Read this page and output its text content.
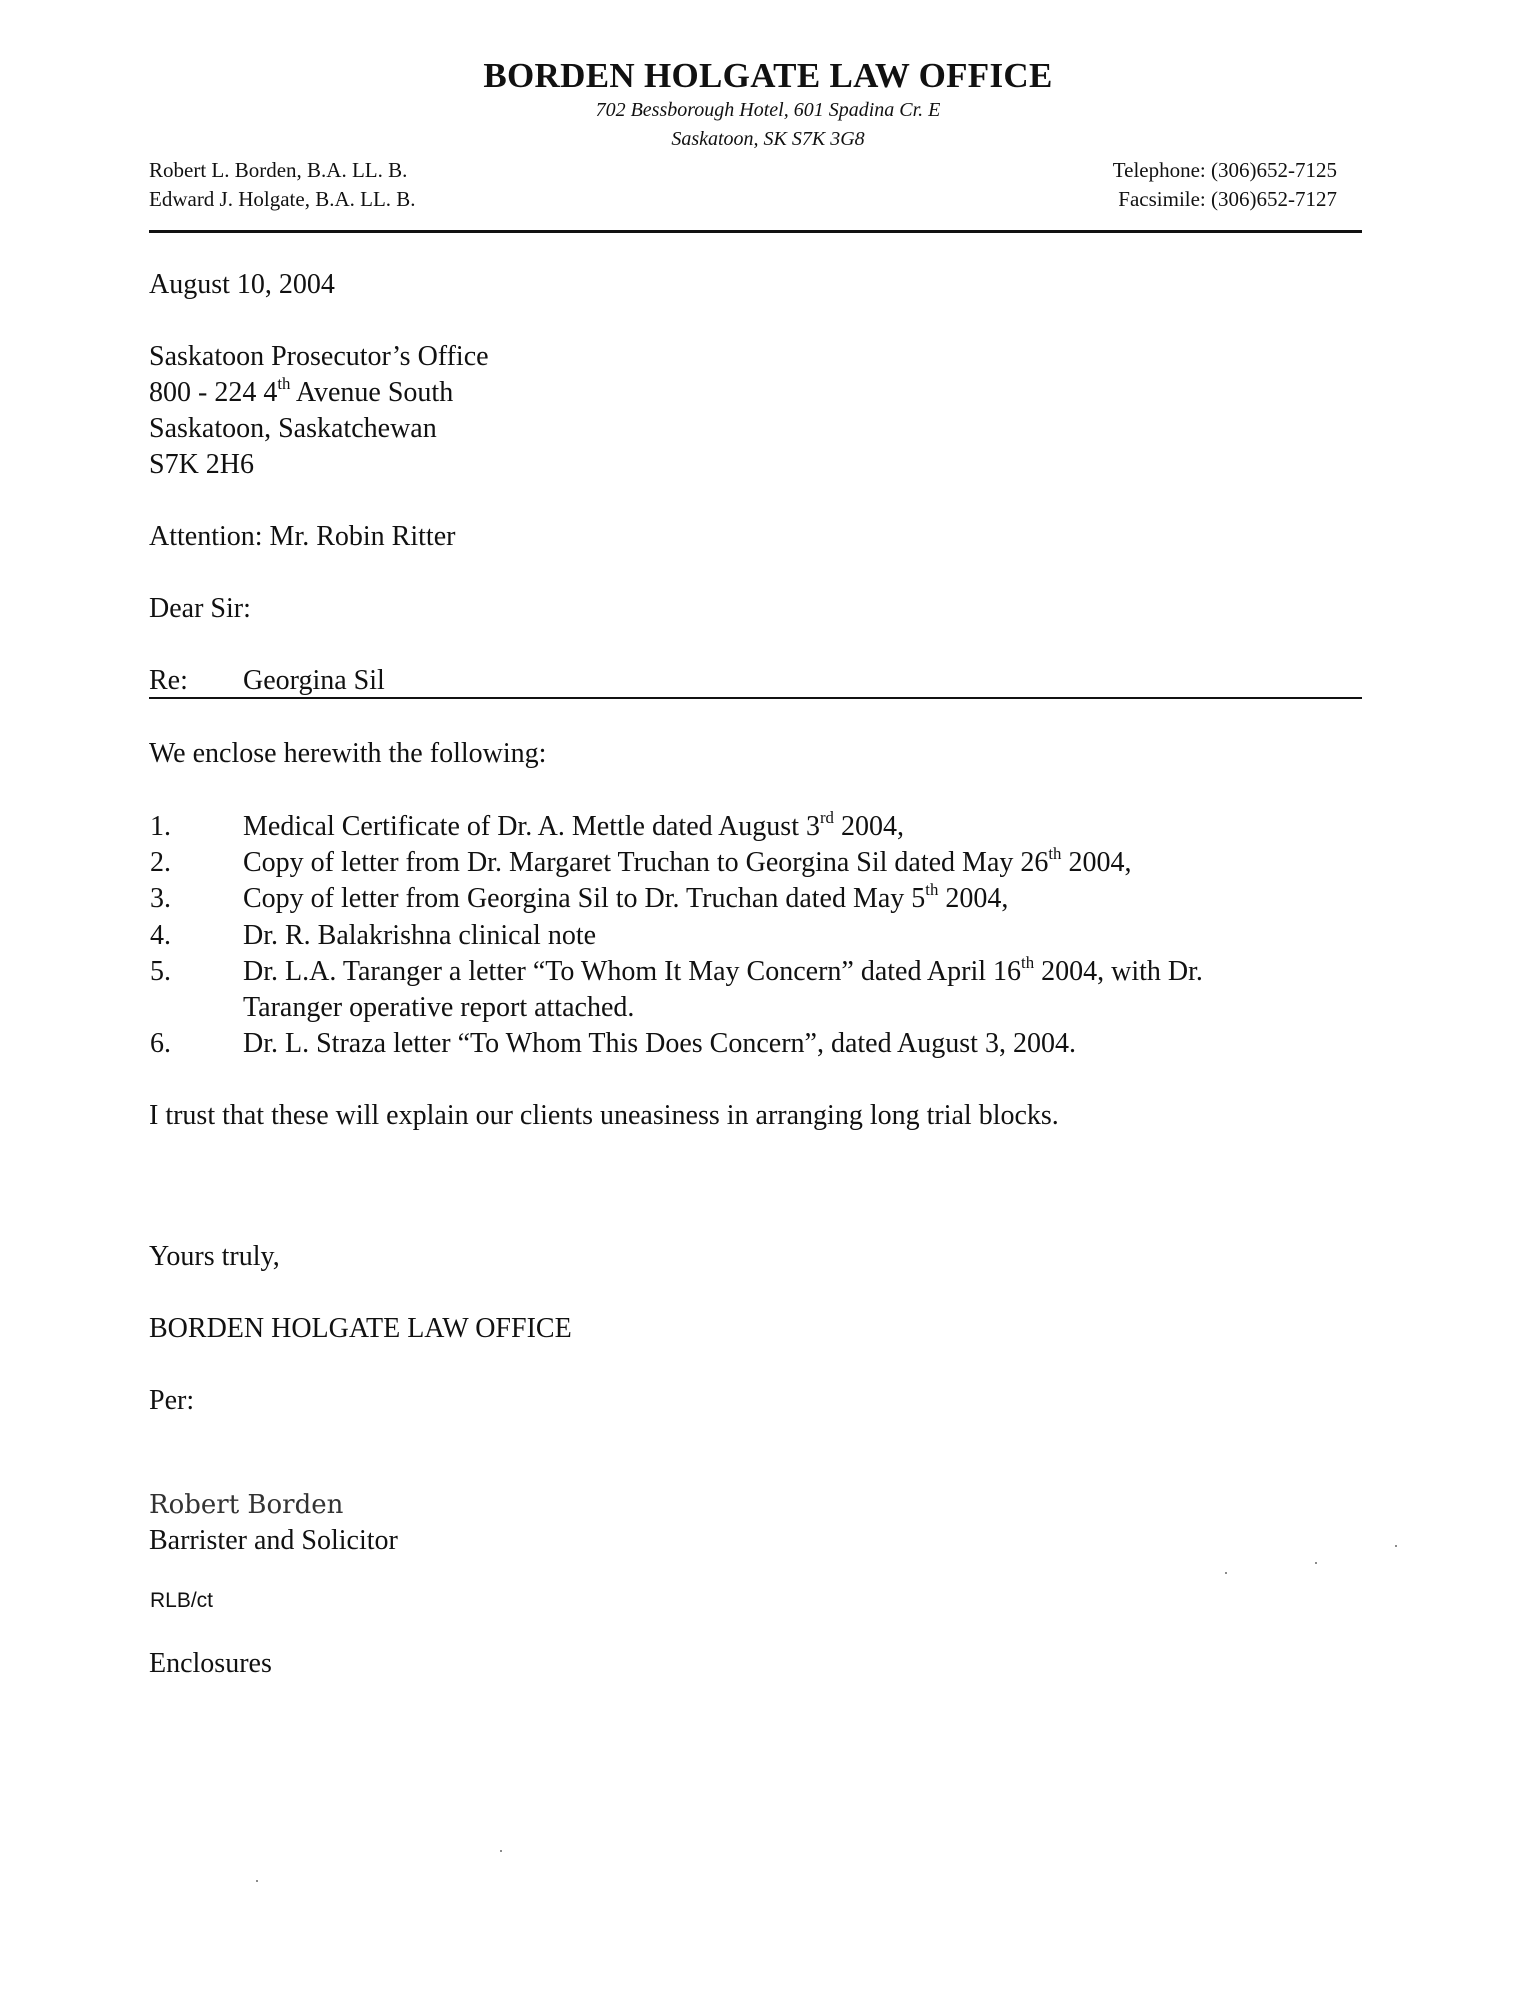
BORDEN HOLGATE LAW OFFICE
702 Bessborough Hotel, 601 Spadina Cr. E
Saskatoon, SK S7K 3G8
Robert L. Borden, B.A. LL. B.
Edward J. Holgate, B.A. LL. B.
Telephone: (306)652-7125
Facsimile: (306)652-7127
August 10, 2004
Saskatoon Prosecutor’s Office
800 - 224 4th Avenue South
Saskatoon, Saskatchewan
S7K 2H6
Attention: Mr. Robin Ritter
Dear Sir:
Re: Georgina Sil
We enclose herewith the following:
1.	Medical Certificate of Dr. A. Mettle dated August 3rd 2004,
2.	Copy of letter from Dr. Margaret Truchan to Georgina Sil dated May 26th 2004,
3.	Copy of letter from Georgina Sil to Dr. Truchan dated May 5th 2004,
4.	Dr. R. Balakrishna clinical note
5.	Dr. L.A. Taranger a letter “To Whom It May Concern” dated April 16th 2004, with Dr.
Taranger operative report attached.
6.	Dr. L. Straza letter “To Whom This Does Concern”, dated August 3, 2004.
I trust that these will explain our clients uneasiness in arranging long trial blocks.
Yours truly,
BORDEN HOLGATE LAW OFFICE
Per:
Robert Borden
Barrister and Solicitor
RLB/ct
Enclosures
